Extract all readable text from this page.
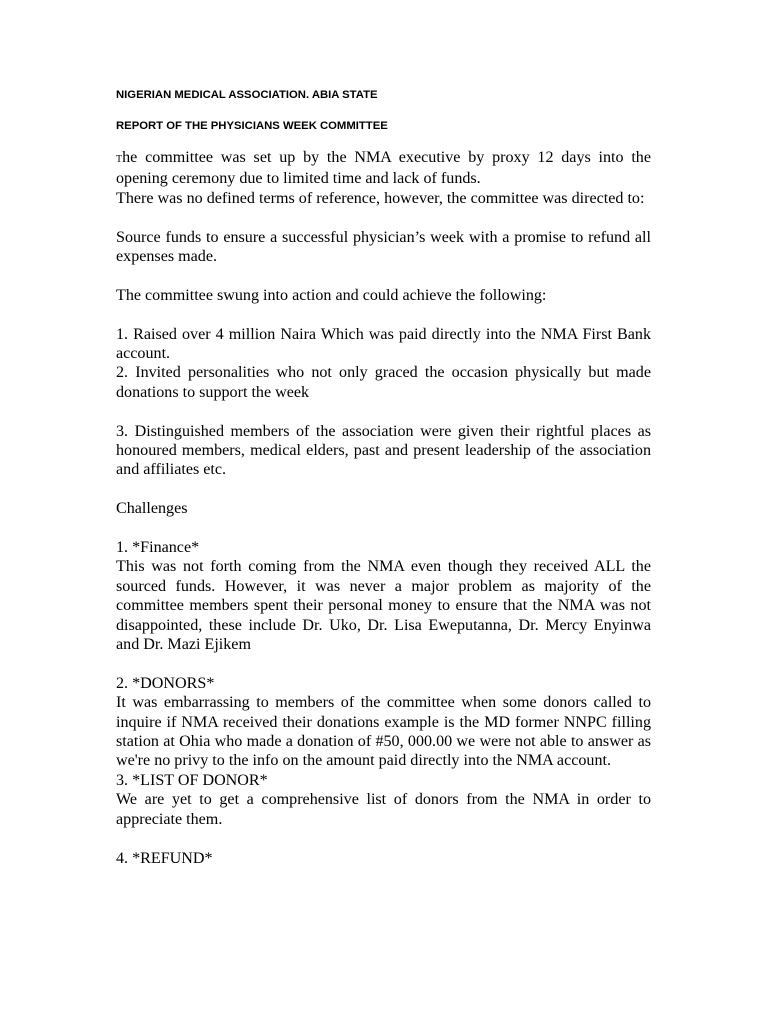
NIGERIAN MEDICAL ASSOCIATION. ABIA STATE
REPORT OF THE PHYSICIANS WEEK COMMITTEE

The committee was set up by the NMA executive by proxy 12 days into the opening ceremony due to limited time and lack of funds.

There was no defined terms of reference, however, the committee was directed to:

Source funds to ensure a successful physician’s week with a promise to refund all expenses made.

The committee swung into action and could achieve the following:

1. Raised over 4 million Naira Which was paid directly into the NMA First Bank account.

2. Invited personalities who not only graced the occasion physically but made donations to support the week

3. Distinguished members of the association were given their rightful places as honoured members, medical elders, past and present leadership of the association and affiliates etc.

Challenges

1. *Finance*

This was not forth coming from the NMA even though they received ALL the sourced funds. However, it was never a major problem as majority of the committee members spent their personal money to ensure that the NMA was not disappointed, these include Dr. Uko, Dr. Lisa Eweputanna, Dr. Mercy Enyinwa and Dr. Mazi Ejikem

2. *DONORS*

It was embarrassing to members of the committee when some donors called to inquire if NMA received their donations example is the MD former NNPC filling station at Ohia who made a donation of #50, 000.00 we were not able to answer as we're no privy to the info on the amount paid directly into the NMA account.

3. *LIST OF DONOR*

We are yet to get a comprehensive list of donors from the NMA in order to appreciate them.

4. *REFUND*
